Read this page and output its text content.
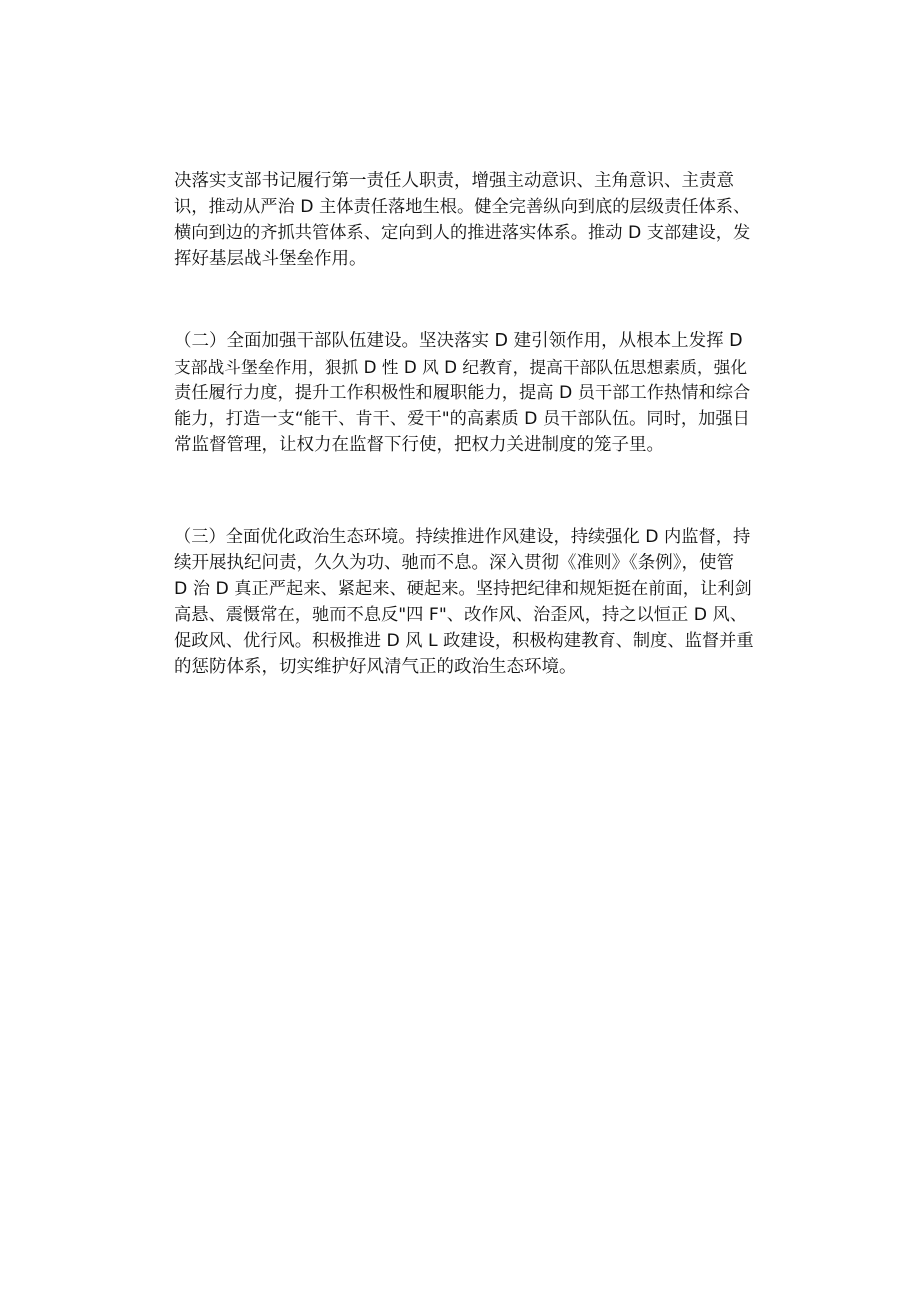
决落实支部书记履行第一责任人职责，增强主动意识、主角意识、主责意
识，推动从严治 D 主体责任落地生根。健全完善纵向到底的层级责任体系、
横向到边的齐抓共管体系、定向到人的推进落实体系。推动 D 支部建设，发
挥好基层战斗堡垒作用。
（二）全面加强干部队伍建设。坚决落实 D 建引领作用，从根本上发挥 D
支部战斗堡垒作用，狠抓 D 性 D 风 D 纪教育，提高干部队伍思想素质，强化
责任履行力度，提升工作积极性和履职能力，提高 D 员干部工作热情和综合
能力，打造一支“能干、肯干、爱干"的高素质 D 员干部队伍。同时，加强日
常监督管理，让权力在监督下行使，把权力关进制度的笼子里。
（三）全面优化政治生态环境。持续推进作风建设，持续强化 D 内监督，持
续开展执纪问责，久久为功、驰而不息。深入贯彻《准则》《条例》，使管
D 治 D 真正严起来、紧起来、硬起来。坚持把纪律和规矩挺在前面，让利剑
高悬、震慑常在，驰而不息反"四 F"、改作风、治歪风，持之以恒正 D 风、
促政风、优行风。积极推进 D 风 L 政建设，积极构建教育、制度、监督并重
的惩防体系，切实维护好风清气正的政治生态环境。
